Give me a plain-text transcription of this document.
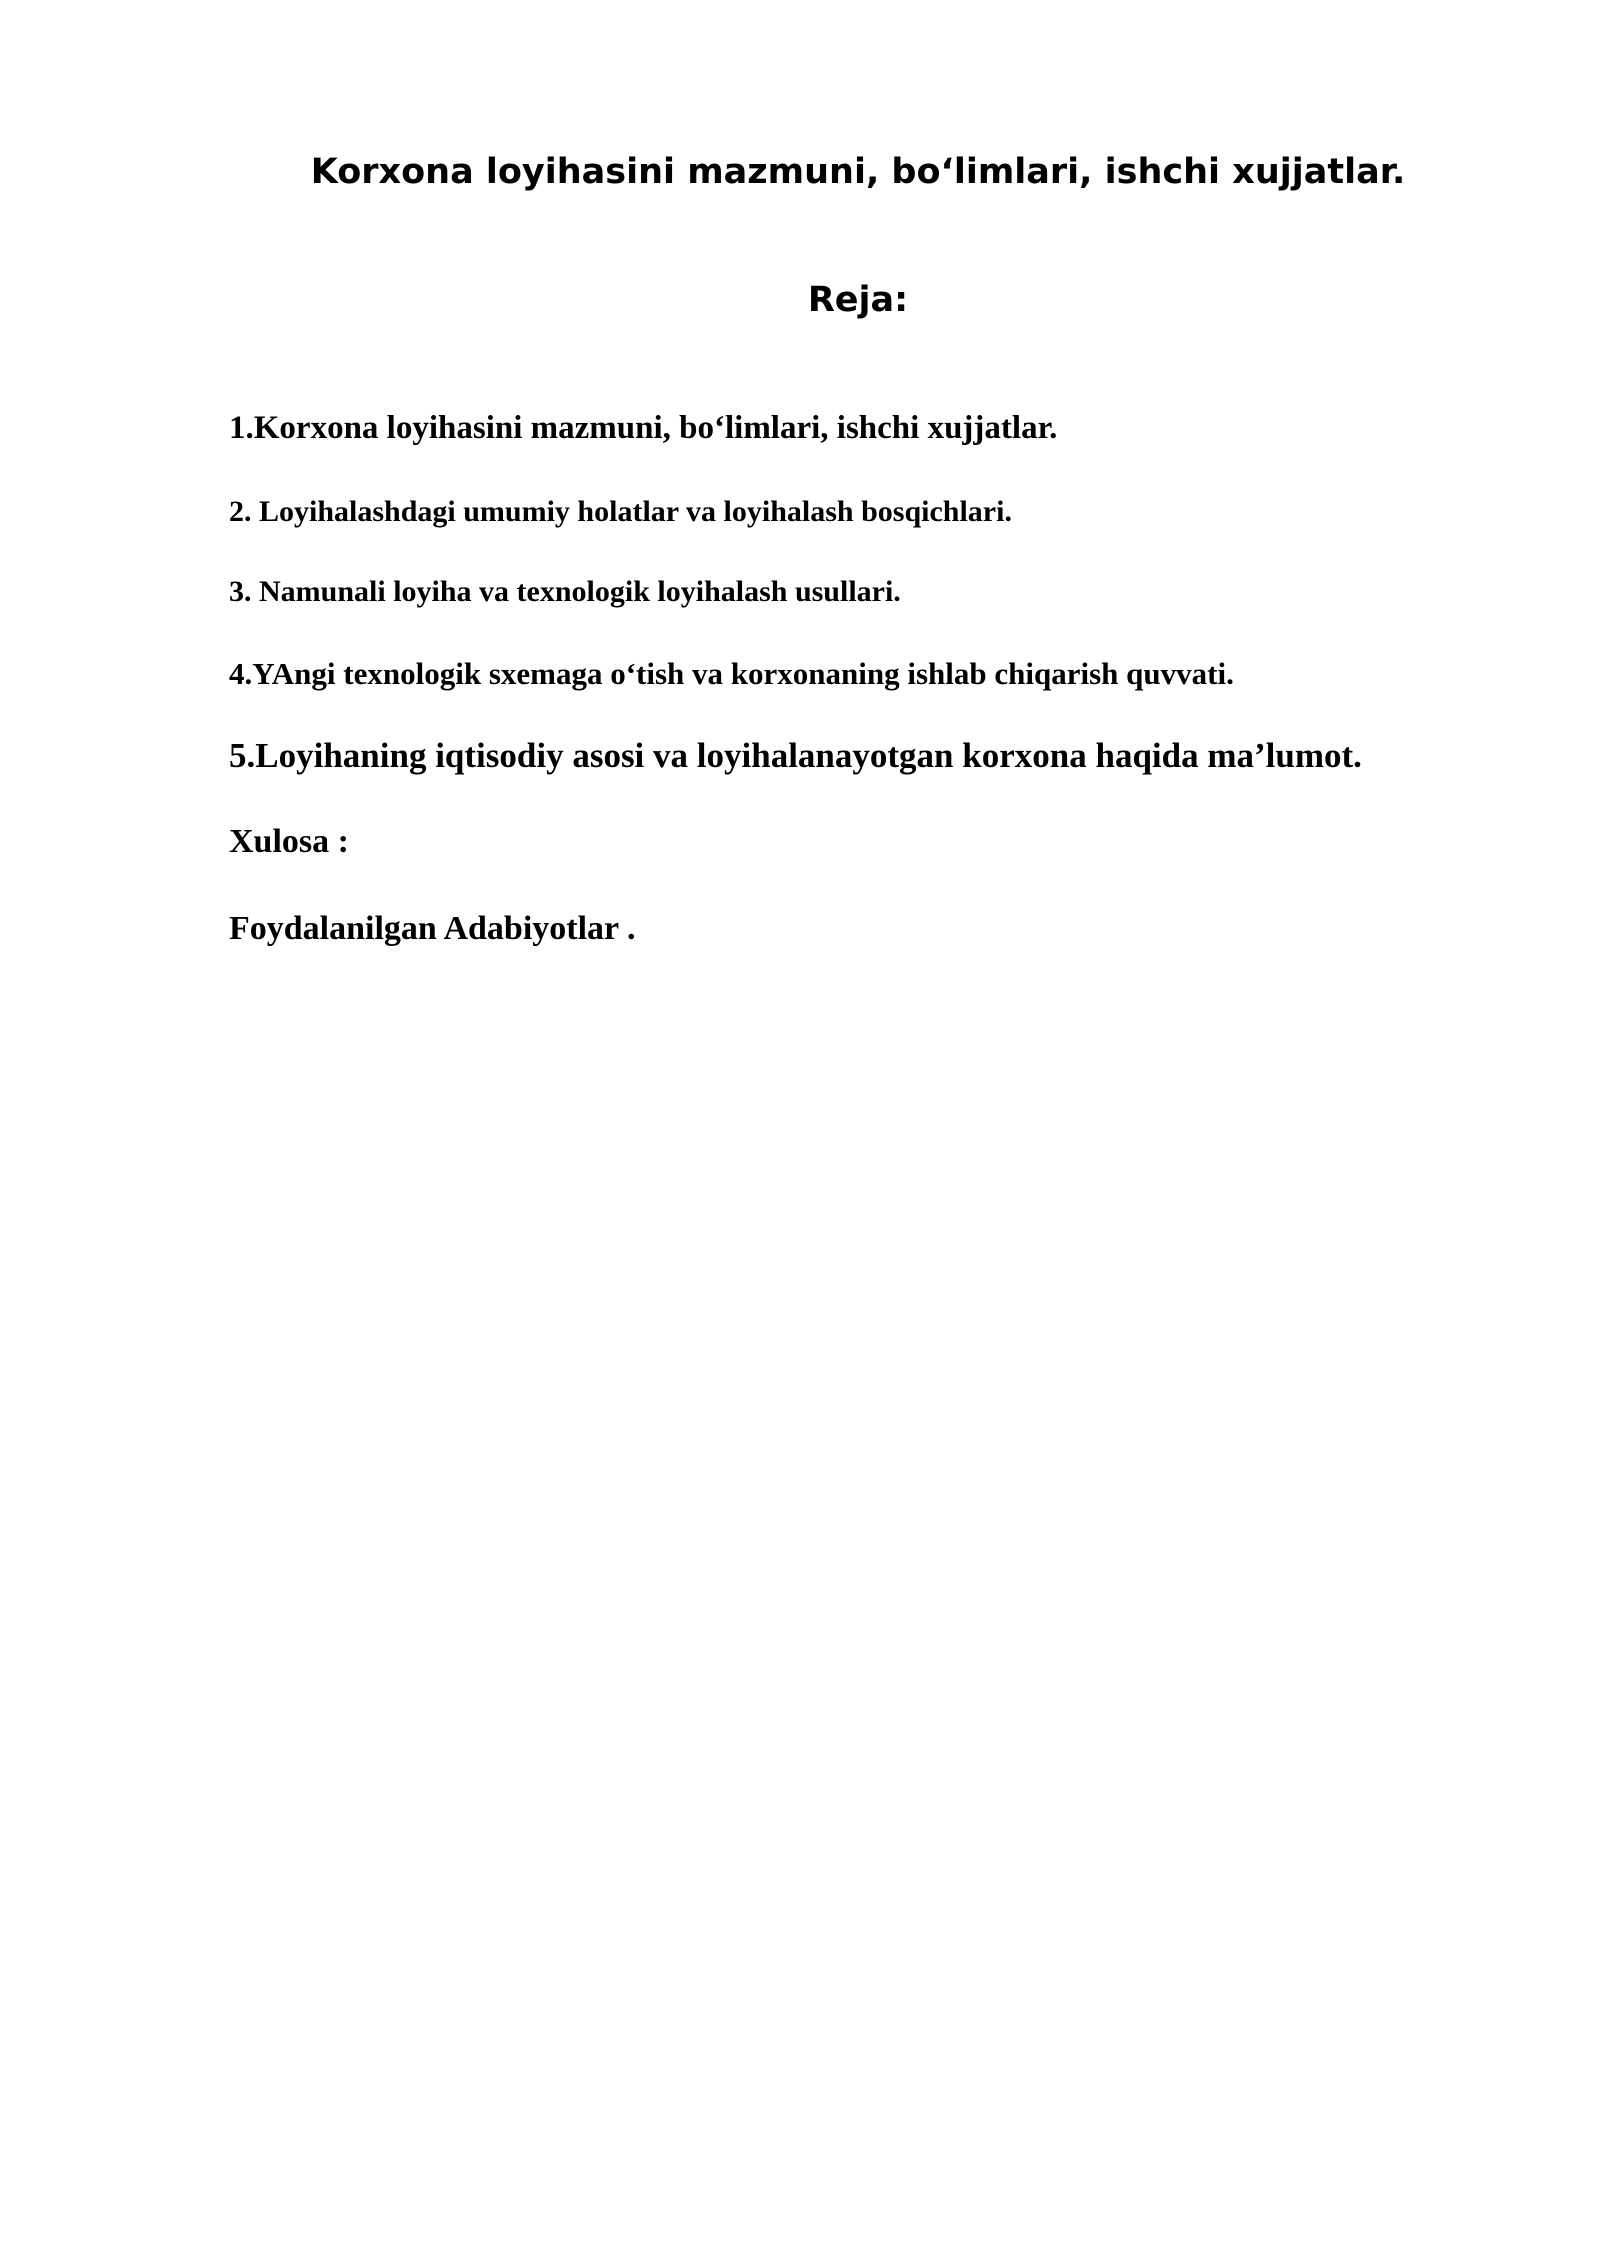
Korxona loyihasini mazmuni, bo‘limlari, ishchi xujjatlar.
Reja:
1.Korxona loyihasini mazmuni, bo‘limlari, ishchi xujjatlar.
2. Loyihalashdagi umumiy holatlar va loyihalash bosqichlari.
3. Namunali loyiha va texnologik loyihalash usullari.
4.YAngi texnologik sxemaga o‘tish va korxonaning ishlab chiqarish quvvati.
5.Loyihaning iqtisodiy asosi va loyihalanayotgan korxona haqida ma’lumot.
Xulosa :
Foydalanilgan Adabiyotlar .
